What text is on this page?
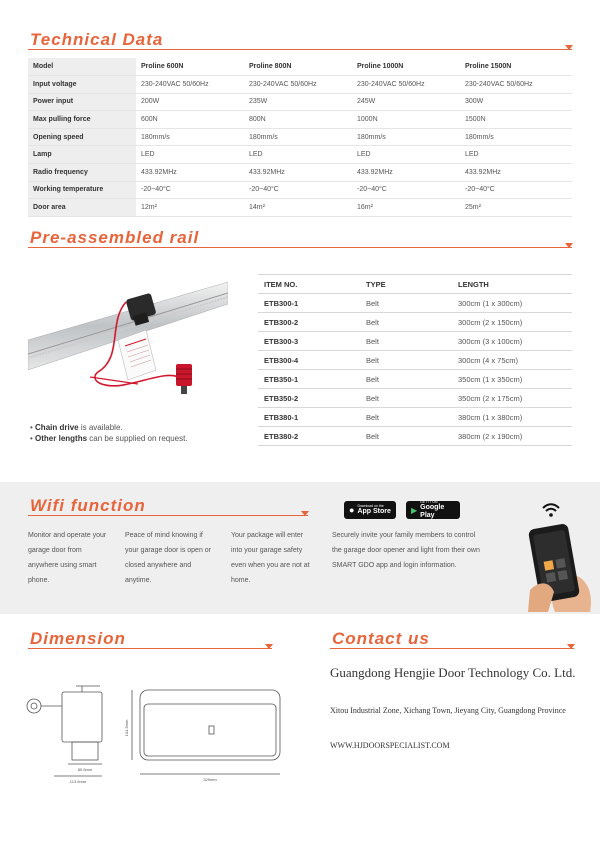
Technical Data
Model	Proline 600N	Proline 800N	Proline 1000N	Proline 1500N
Input voltage	230-240VAC 50/60Hz	230-240VAC 50/60Hz	230-240VAC 50/60Hz	230-240VAC 50/60Hz
Power input	200W	235W	245W	300W
Max pulling force	600N	800N	1000N	1500N
Opening speed	180mm/s	180mm/s	180mm/s	180mm/s
Lamp	LED	LED	LED	LED
Radio frequency	433.92MHz	433.92MHz	433.92MHz	433.92MHz
Working temperature	-20~40°C	-20~40°C	-20~40°C	-20~40°C
Door area	12m²	14m²	16m²	25m²
Pre-assembled rail
• Chain drive is available.
• Other lengths can be supplied on request.
ITEM NO.	TYPE	LENGTH
ETB300-1	Belt	300cm (1 x 300cm)
ETB300-2	Belt	300cm (2 x 150cm)
ETB300-3	Belt	300cm (3 x 100cm)
ETB300-4	Belt	300cm (4 x 75cm)
ETB350-1	Belt	350cm (1 x 350cm)
ETB350-2	Belt	350cm (2 x 175cm)
ETB380-1	Belt	380cm (1 x 380cm)
ETB380-2	Belt	380cm (2 x 190cm)
Wifi function	● Download on the
App Store	▶
GET IT ON
Google Play
Monitor and operate your garage door from anywhere using smart phone.
Peace of mind knowing if your garage door is open or closed anywhere and anytime.
Your package will enter into your garage safety even when you are not at home.
Securely invite your family members to control the garage door opener and light from their own SMART GDO app and login information.
Dimension
104.5mm
329mm
80.5mm
113.5mm
Contact us
Guangdong Hengjie Door Technology Co. Ltd.
Xitou Industrial Zone, Xichang Town, Jieyang City, Guangdong Province
WWW.HJDOORSPECIALIST.COM
